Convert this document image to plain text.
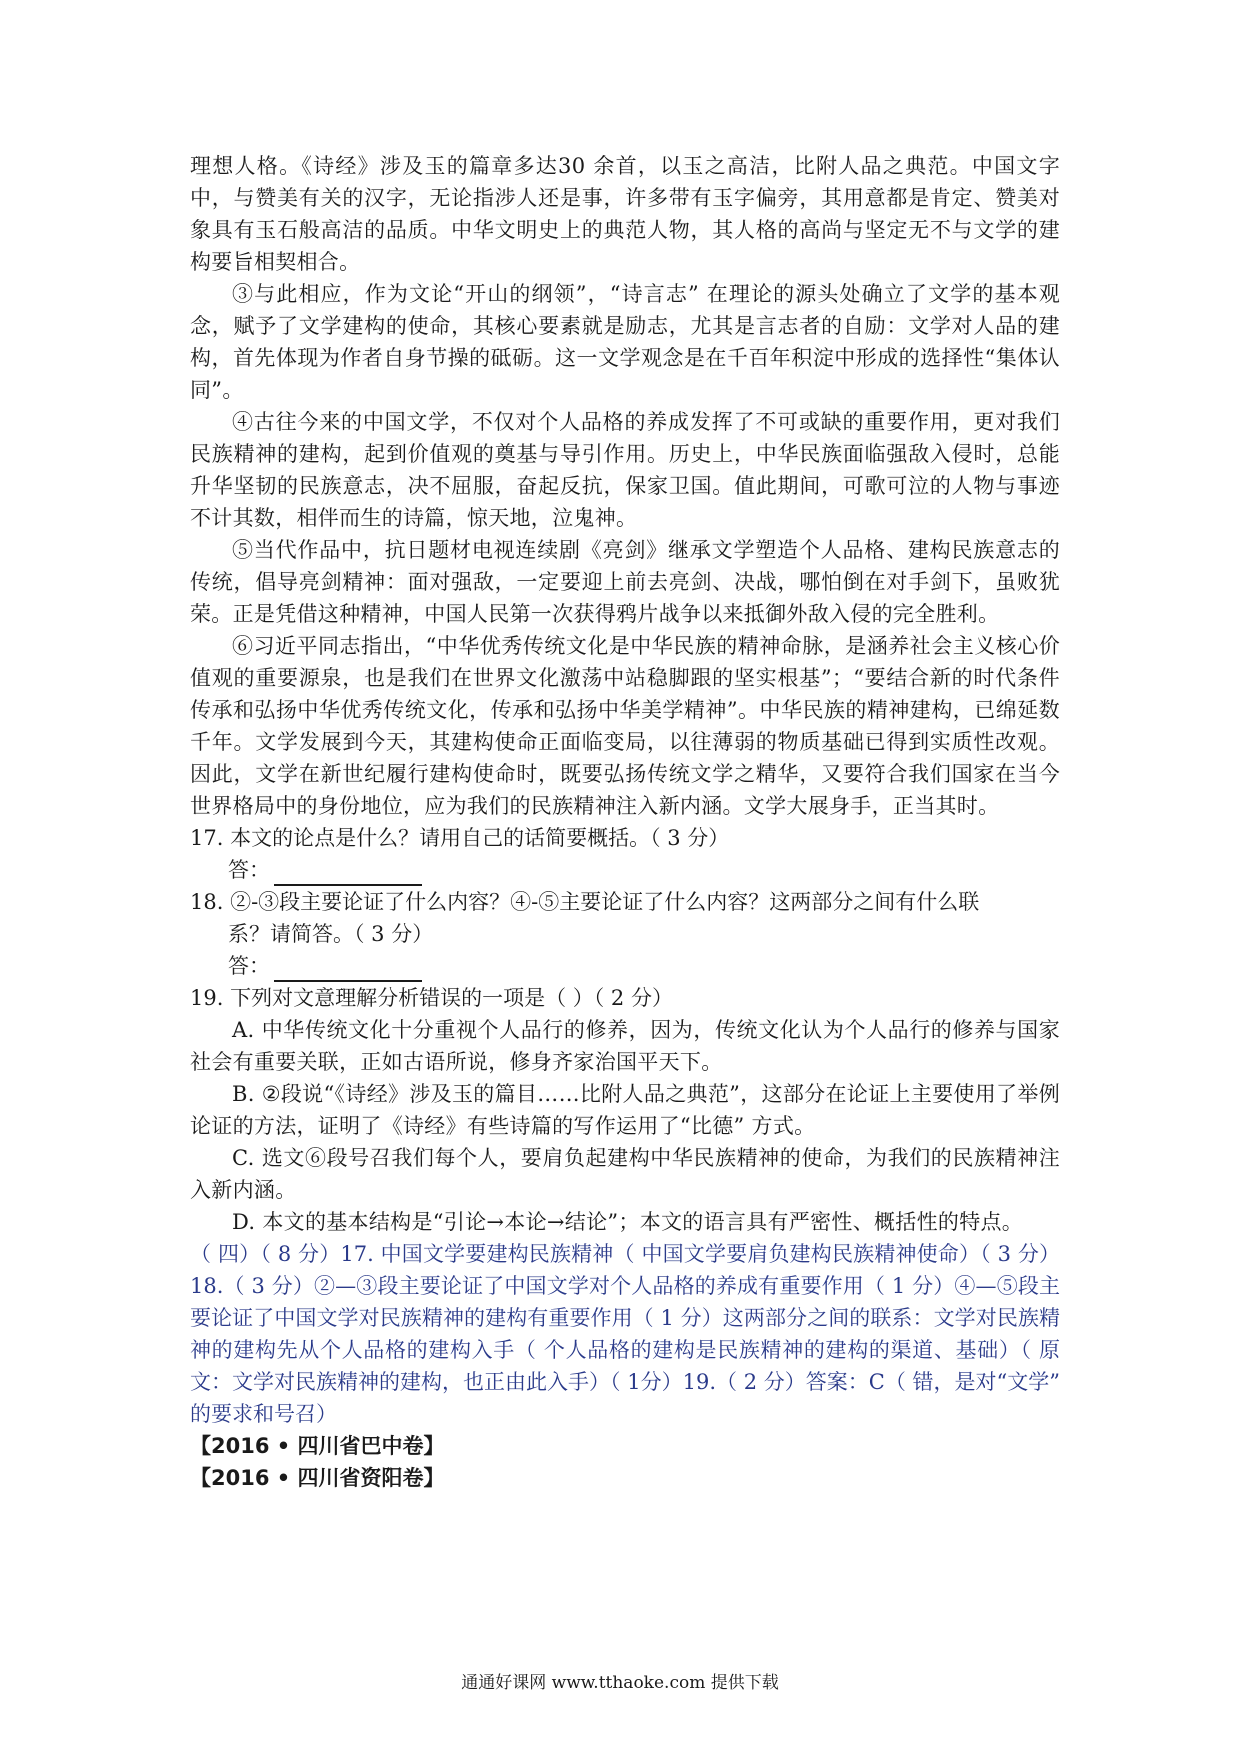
理想人格。《诗经》涉及玉的篇章多达30 余首，以玉之高洁，比附人品之典范。中国文字中，与赞美有关的汉字，无论指涉人还是事，许多带有玉字偏旁，其用意都是肯定、赞美对象具有玉石般高洁的品质。中华文明史上的典范人物，其人格的高尚与坚定无不与文学的建构要旨相契相合。

③与此相应，作为文论“开山的纲领”，“诗言志” 在理论的源头处确立了文学的基本观念，赋予了文学建构的使命，其核心要素就是励志，尤其是言志者的自励：文学对人品的建构，首先体现为作者自身节操的砥砺。这一文学观念是在千百年积淀中形成的选择性“集体认同”。

④古往今来的中国文学，不仅对个人品格的养成发挥了不可或缺的重要作用，更对我们民族精神的建构，起到价值观的奠基与导引作用。历史上，中华民族面临强敌入侵时，总能升华坚韧的民族意志，决不屈服，奋起反抗，保家卫国。值此期间，可歌可泣的人物与事迹不计其数，相伴而生的诗篇，惊天地，泣鬼神。

⑤当代作品中，抗日题材电视连续剧《亮剑》继承文学塑造个人品格、建构民族意志的传统，倡导亮剑精神：面对强敌，一定要迎上前去亮剑、决战，哪怕倒在对手剑下，虽败犹荣。正是凭借这种精神，中国人民第一次获得鸦片战争以来抵御外敌入侵的完全胜利。

⑥习近平同志指出，“中华优秀传统文化是中华民族的精神命脉，是涵养社会主义核心价值观的重要源泉，也是我们在世界文化激荡中站稳脚跟的坚实根基”；“要结合新的时代条件传承和弘扬中华优秀传统文化，传承和弘扬中华美学精神”。中华民族的精神建构，已绵延数千年。文学发展到今天，其建构使命正面临变局，以往薄弱的物质基础已得到实质性改观。因此，文学在新世纪履行建构使命时，既要弘扬传统文学之精华，又要符合我们国家在当今世界格局中的身份地位，应为我们的民族精神注入新内涵。文学大展身手，正当其时。

17. 本文的论点是什么？请用自己的话简要概括。（ 3 分）

答：

18. ②-③段主要论证了什么内容？④-⑤主要论证了什么内容？这两部分之间有什么联

系？请简答。（ 3 分）

答：

19. 下列对文意理解分析错误的一项是（ ）（ 2 分）

A. 中华传统文化十分重视个人品行的修养，因为，传统文化认为个人品行的修养与国家社会有重要关联，正如古语所说，修身齐家治国平天下。

B. ②段说“《诗经》涉及玉的篇目……比附人品之典范”，这部分在论证上主要使用了举例论证的方法，证明了《诗经》有些诗篇的写作运用了“比德” 方式。

C. 选文⑥段号召我们每个人，要肩负起建构中华民族精神的使命，为我们的民族精神注入新内涵。

D. 本文的基本结构是“引论→本论→结论”；本文的语言具有严密性、概括性的特点。

（ 四）（ 8 分）17. 中国文学要建构民族精神（ 中国文学要肩负建构民族精神使命）（ 3 分）18.（ 3 分）②—③段主要论证了中国文学对个人品格的养成有重要作用（ 1 分）④—⑤段主要论证了中国文学对民族精神的建构有重要作用（ 1 分）这两部分之间的联系：文学对民族精神的建构先从个人品格的建构入手（ 个人品格的建构是民族精神的建构的渠道、基础）（ 原文：文学对民族精神的建构，也正由此入手）（ 1分）19.（ 2 分）答案：C（ 错，是对“文学” 的要求和号召）

【2016 • 四川省巴中卷】

【2016 • 四川省资阳卷】

通通好课网 www.tthaoke.com 提供下载
